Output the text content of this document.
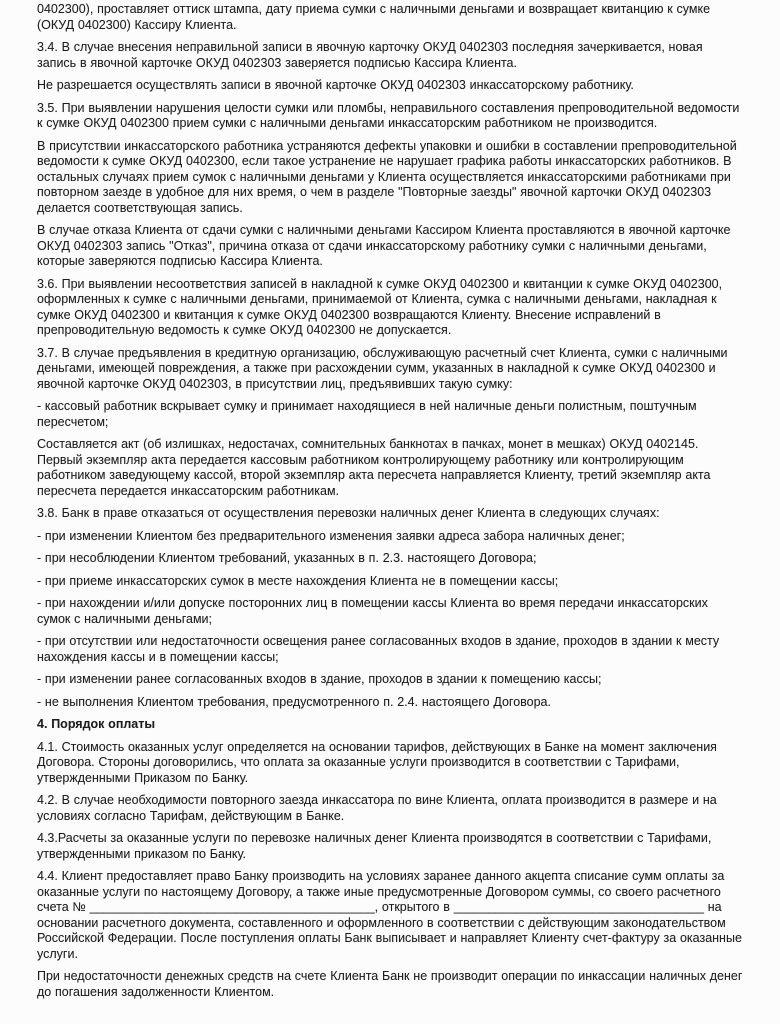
0402300), проставляет оттиск штампа, дату приема сумки с наличными деньгами и возвращает квитанцию к сумке (ОКУД 0402300) Кассиру Клиента.

3.4. В случае внесения неправильной записи в явочную карточку ОКУД 0402303 последняя зачеркивается, новая запись в явочной карточке ОКУД 0402303 заверяется подписью Кассира Клиента.

Не разрешается осуществлять записи в явочной карточке ОКУД 0402303 инкассаторскому работнику.

3.5. При выявлении нарушения целости сумки или пломбы, неправильного составления препроводительной ведомости к сумке ОКУД 0402300 прием сумки с наличными деньгами инкассаторским работником не производится.

В присутствии инкассаторского работника устраняются дефекты упаковки и ошибки в составлении препроводительной ведомости к сумке ОКУД 0402300, если такое устранение не нарушает графика работы инкассаторских работников. В остальных случаях прием сумок с наличными деньгами у Клиента осуществляется инкассаторскими работниками при повторном заезде в удобное для них время, о чем в разделе "Повторные заезды" явочной карточки ОКУД 0402303 делается соответствующая запись.

В случае отказа Клиента от сдачи сумки с наличными деньгами Кассиром Клиента проставляются в явочной карточке ОКУД 0402303 запись "Отказ", причина отказа от сдачи инкассаторскому работнику сумки с наличными деньгами, которые заверяются подписью Кассира Клиента.

3.6. При выявлении несоответствия записей в накладной к сумке ОКУД 0402300 и квитанции к сумке ОКУД 0402300, оформленных к сумке с наличными деньгами, принимаемой от Клиента, сумка с наличными деньгами, накладная к сумке ОКУД 0402300 и квитанция к сумке ОКУД 0402300 возвращаются Клиенту. Внесение исправлений в препроводительную ведомость к сумке ОКУД 0402300 не допускается.

3.7. В случае предъявления в кредитную организацию, обслуживающую расчетный счет Клиента, сумки с наличными деньгами, имеющей повреждения, а также при расхождении сумм, указанных в накладной к сумке ОКУД 0402300 и явочной карточке ОКУД 0402303, в присутствии лиц, предъявивших такую сумку:

- кассовый работник вскрывает сумку и принимает находящиеся в ней наличные деньги полистным, поштучным пересчетом;

Составляется акт (об излишках, недостачах, сомнительных банкнотах в пачках, монет в мешках) ОКУД 0402145. Первый экземпляр акта передается кассовым работником контролирующему работнику или контролирующим работником заведующему кассой, второй экземпляр акта пересчета направляется Клиенту, третий экземпляр акта пересчета передается инкассаторским работникам.

3.8. Банк в праве отказаться от осуществления перевозки наличных денег Клиента в следующих случаях:

- при изменении Клиентом без предварительного изменения заявки адреса забора наличных денег;

- при несоблюдении Клиентом требований, указанных в п. 2.3. настоящего Договора;

- при приеме инкассаторских сумок в месте нахождения Клиента не в помещении кассы;

- при нахождении и/или допуске посторонних лиц в помещении кассы Клиента во время передачи инкассаторских сумок с наличными деньгами;

- при отсутствии или недостаточности освещения ранее согласованных входов в здание, проходов в здании к месту нахождения кассы и в помещении кассы;

- при изменении ранее согласованных входов в здание, проходов в здании к помещению кассы;

- не выполнения Клиентом требования, предусмотренного п. 2.4. настоящего Договора.

4. Порядок оплаты

4.1. Стоимость оказанных услуг определяется на основании тарифов, действующих в Банке на момент заключения Договора. Стороны договорились, что оплата за оказанные услуги производится в соответствии с Тарифами, утвержденными Приказом по Банку.

4.2. В случае необходимости повторного заезда инкассатора по вине Клиента, оплата производится в размере и на условиях согласно Тарифам, действующим в Банке.

4.3.Расчеты за оказанные услуги по перевозке наличных денег Клиента производятся в соответствии с Тарифами, утвержденными приказом по Банку.

4.4. Клиент предоставляет право Банку производить на условиях заранее данного акцепта списание сумм оплаты за оказанные услуги по настоящему Договору, а также иные предусмотренные Договором суммы, со своего расчетного счета № _________________________________________, открытого в ____________________________________ на основании расчетного документа, составленного и оформленного в соответствии с действующим законодательством Российской Федерации. После поступления оплаты Банк выписывает и направляет Клиенту счет-фактуру за оказанные услуги.

При недостаточности денежных средств на счете Клиента Банк не производит операции по инкассации наличных денег до погашения задолженности Клиентом.
